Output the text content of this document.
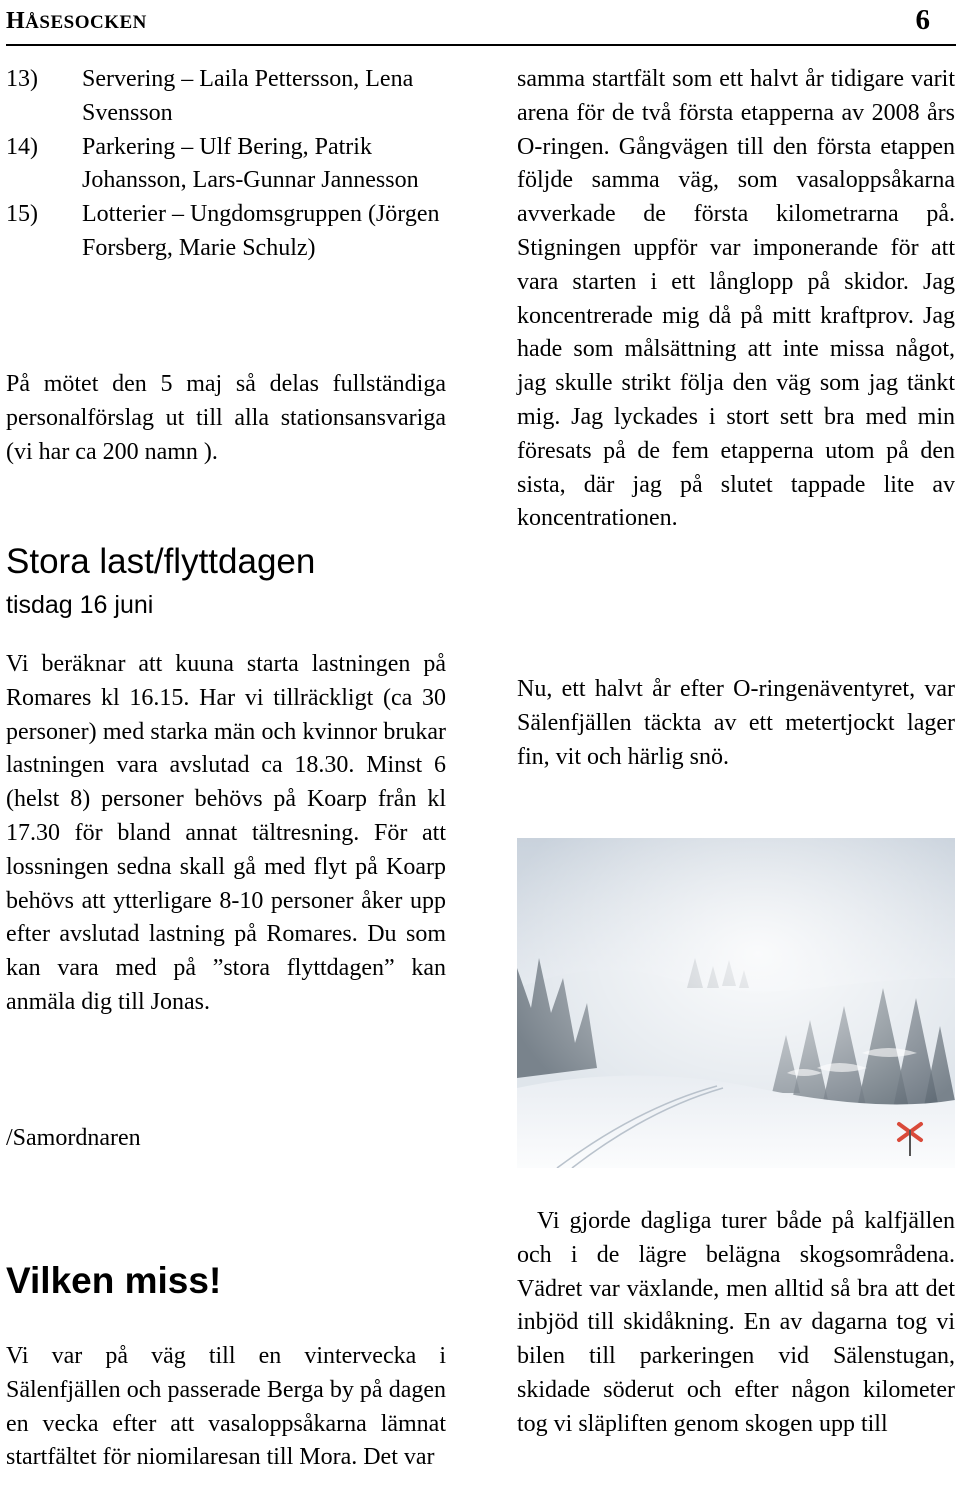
HÅSESOCKEN	6
13)	Servering – Laila Pettersson, Lena Svensson
14)	Parkering – Ulf Bering, Patrik Johansson, Lars-Gunnar Jannesson
15)	Lotterier – Ungdomsgruppen (Jörgen Forsberg, Marie Schulz)

På mötet den 5 maj så delas fullständiga personalförslag ut till alla stationsansvariga (vi har ca 200 namn ).

Stora last/flyttdagen
tisdag 16 juni

Vi beräknar att kuuna starta lastningen på Romares kl 16.15. Har vi tillräckligt (ca 30 personer) med starka män och kvinnor brukar lastningen vara avslutad ca 18.30. Minst 6 (helst 8) personer behövs på Koarp från kl 17.30 för bland annat tältresning. För att lossningen sedna skall gå med flyt på Koarp behövs att ytterligare 8-10 personer åker upp efter avslutad lastning på Romares. Du som kan vara med på ”stora flyttdagen” kan anmäla dig till Jonas.

/Samordnaren

Vilken miss!

Vi var på väg till en vintervecka i Sälenfjällen och passerade Berga by på dagen en vecka efter att vasaloppsåkarna lämnat startfältet för niomilaresan till Mora. Det var

samma startfält som ett halvt år tidigare varit arena för de två första etapperna av 2008 års O-ringen. Gångvägen till den första etappen följde samma väg, som vasaloppsåkarna avverkade de första kilometrarna på. Stigningen uppför var imponerande för att vara starten i ett långlopp på skidor. Jag koncentrerade mig då på mitt kraftprov. Jag hade som målsättning att inte missa något, jag skulle strikt följa den väg som jag tänkt mig. Jag lyckades i stort sett bra med min föresats på de fem etapperna utom på den sista, där jag på slutet tappade lite av koncentrationen.

Nu, ett halvt år efter O-ringenäventyret, var Sälenfjällen täckta av ett metertjockt lager fin, vit och härlig snö.

Vi gjorde dagliga turer både på kalfjällen och i de lägre belägna skogsområdena. Vädret var växlande, men alltid så bra att det inbjöd till skidåkning. En av dagarna tog vi bilen till parkeringen vid Sälenstugan, skidade söderut och efter någon kilometer tog vi släpliften genom skogen upp till
